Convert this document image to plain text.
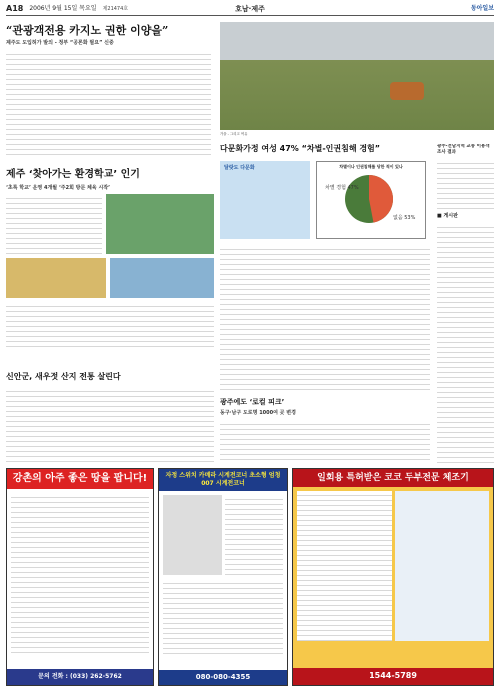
A18 2006년 9월 15일 목요일	호남·제주
제21474호	동아일보
“관광객전용 카지노 권한 이양을”
제주도 도입허가 발의 - 정부 “공론화 필요” 신중
가을 - 그리고 여유
다문화가정 여성 47% “차별-인권침해 경험”
달랏도 다문화	차별이나 인권침해를 당한 적이 있나
차별 경험 47%
없음 53%
광주·전남지역 교통 이용객 조사 결과
■ 게시판
제주 ‘찾아가는 환경학교’ 인기
‘초록 학교’ 운영 4개월 ‘주2회 방문 체육 시작’
광주에도 ‘로컬 피크’
동구·남구 도로명 1000여 곳 변경
신안군, 새우젓 산지 전통 살린다
강촌의 아주 좋은 땅을 팝니다!
문의 전화 : (033) 262-5762
자정 스위치 카메라 시계전코너 초소형 엄청 007 시계전코너
080-080-4355
일회용 특허받은 코코 두부전문 체조기
1544-5789
